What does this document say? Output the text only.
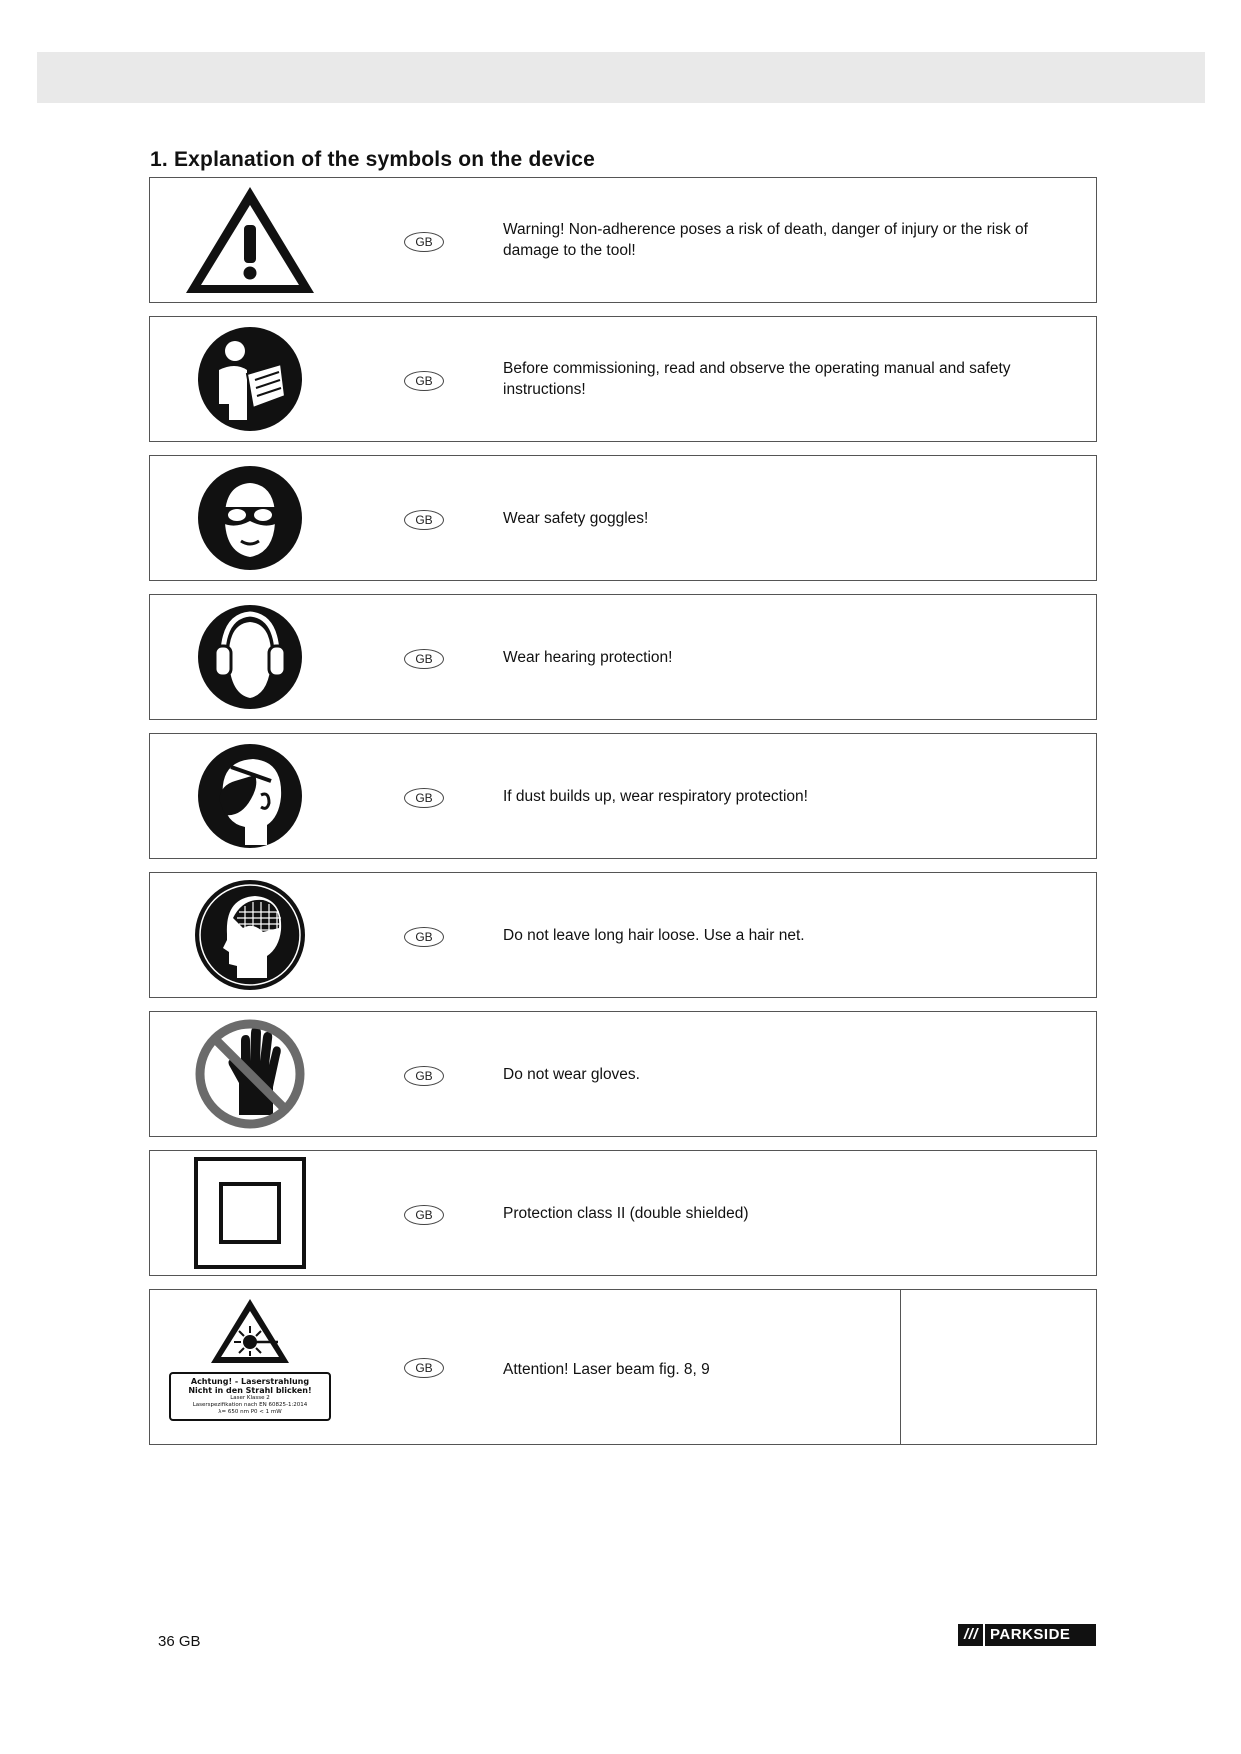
1. Explanation of the symbols on the device
GB
Warning! Non-adherence poses a risk of death, danger of injury or the risk of damage to the tool!
GB
Before commissioning, read and observe the operating manual and safety instructions!
GB	Wear safety goggles!
GB	Wear hearing protection!
GB	If dust builds up, wear respiratory protection!
GB	Do not leave long hair loose. Use a hair net.
GB	Do not wear gloves.
GB	Protection class II (double shielded)
Achtung! - Laserstrahlung
Nicht in den Strahl blicken!
Laser Klasse 2
Laserspezifikation nach EN 60825-1:2014
λ= 650 nm P0 < 1 mW
GB	Attention! Laser beam fig. 8, 9
36 GB	/// PARKSIDE
